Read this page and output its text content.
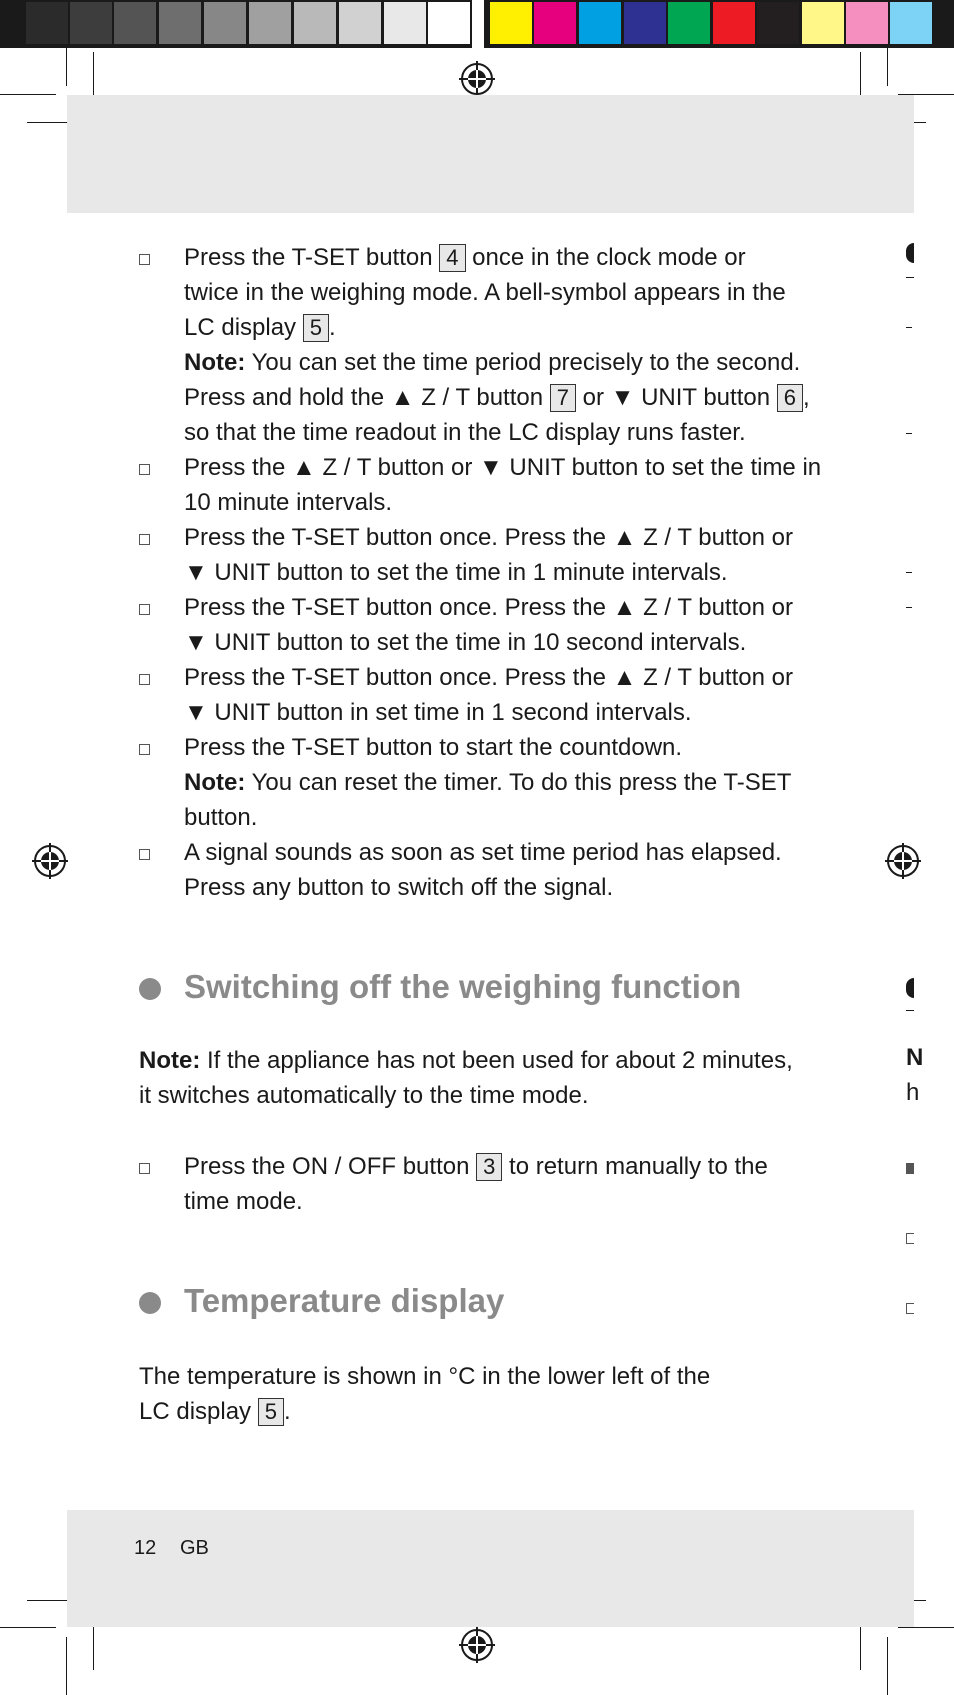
Press the T-SET button 4 once in the clock mode or
twice in the weighing mode. A bell-symbol appears in the
LC display 5 .
Note: You can set the time period precisely to the second.
Press and hold the ▲ Z / T button 7 or ▼ UNIT button 6 ,
so that the time readout in the LC display runs faster.
Press the ▲ Z / T button or ▼ UNIT button to set the time in
10 minute intervals.
Press the T-SET button once. Press the ▲ Z / T button or
▼ UNIT button to set the time in 1 minute intervals.
Press the T-SET button once. Press the ▲ Z / T button or
▼ UNIT button to set the time in 10 second intervals.
Press the T-SET button once. Press the ▲ Z / T button or
▼ UNIT button in set time in 1 second intervals.
Press the T-SET button to start the countdown.
Note: You can reset the timer. To do this press the T-SET
button.
A signal sounds as soon as set time period has elapsed.
Press any button to switch off the signal.
Switching off the weighing function
Note: If the appliance has not been used for about 2 minutes,
it switches automatically to the time mode.
Press the ON / OFF button 3 to return manually to the
time mode.
Temperature display
The temperature is shown in °C in the lower left of the
LC display 5 .
N
h
12 GB
